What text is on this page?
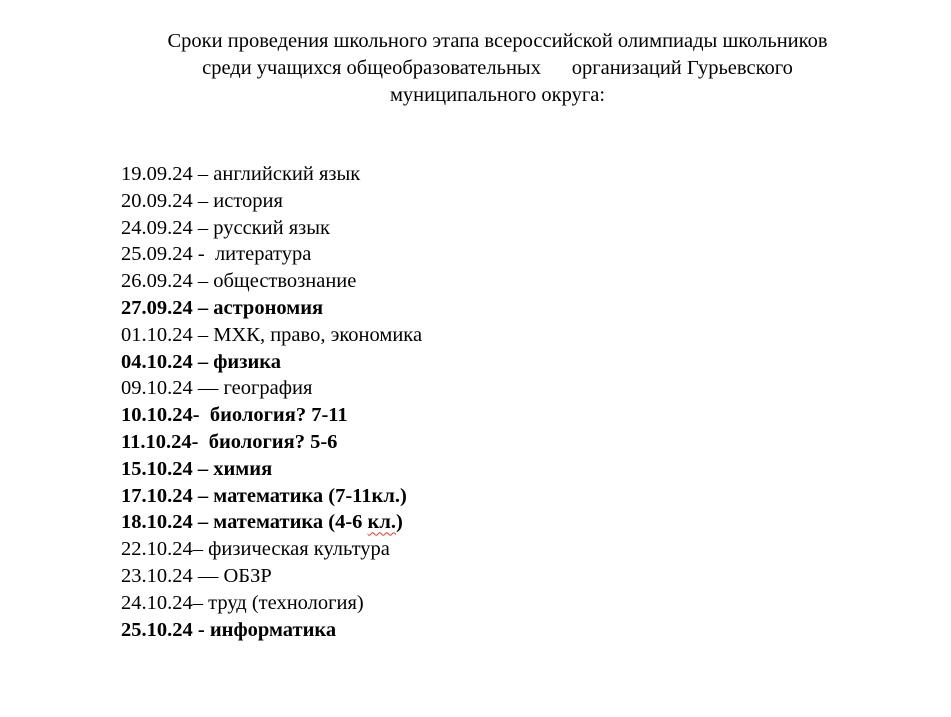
Сроки проведения школьного этапа всероссийской олимпиады школьников
среди учащихся общеобразовательных      организаций Гурьевского
муниципального округа:
19.09.24 – английский язык
20.09.24 – история
24.09.24 – русский язык
25.09.24 -  литература
26.09.24 – обществознание
27.09.24 – астрономия
01.10.24 – МХК, право, экономика
04.10.24 – физика
09.10.24 –– география
10.10.24-  биология? 7-11
11.10.24-  биология? 5-6
15.10.24 – химия
17.10.24 – математика (7-11кл.)
18.10.24 – математика (4-6 кл.)
22.10.24– физическая культура
23.10.24 –– ОБЗР
24.10.24– труд (технология)
25.10.24 - информатика
